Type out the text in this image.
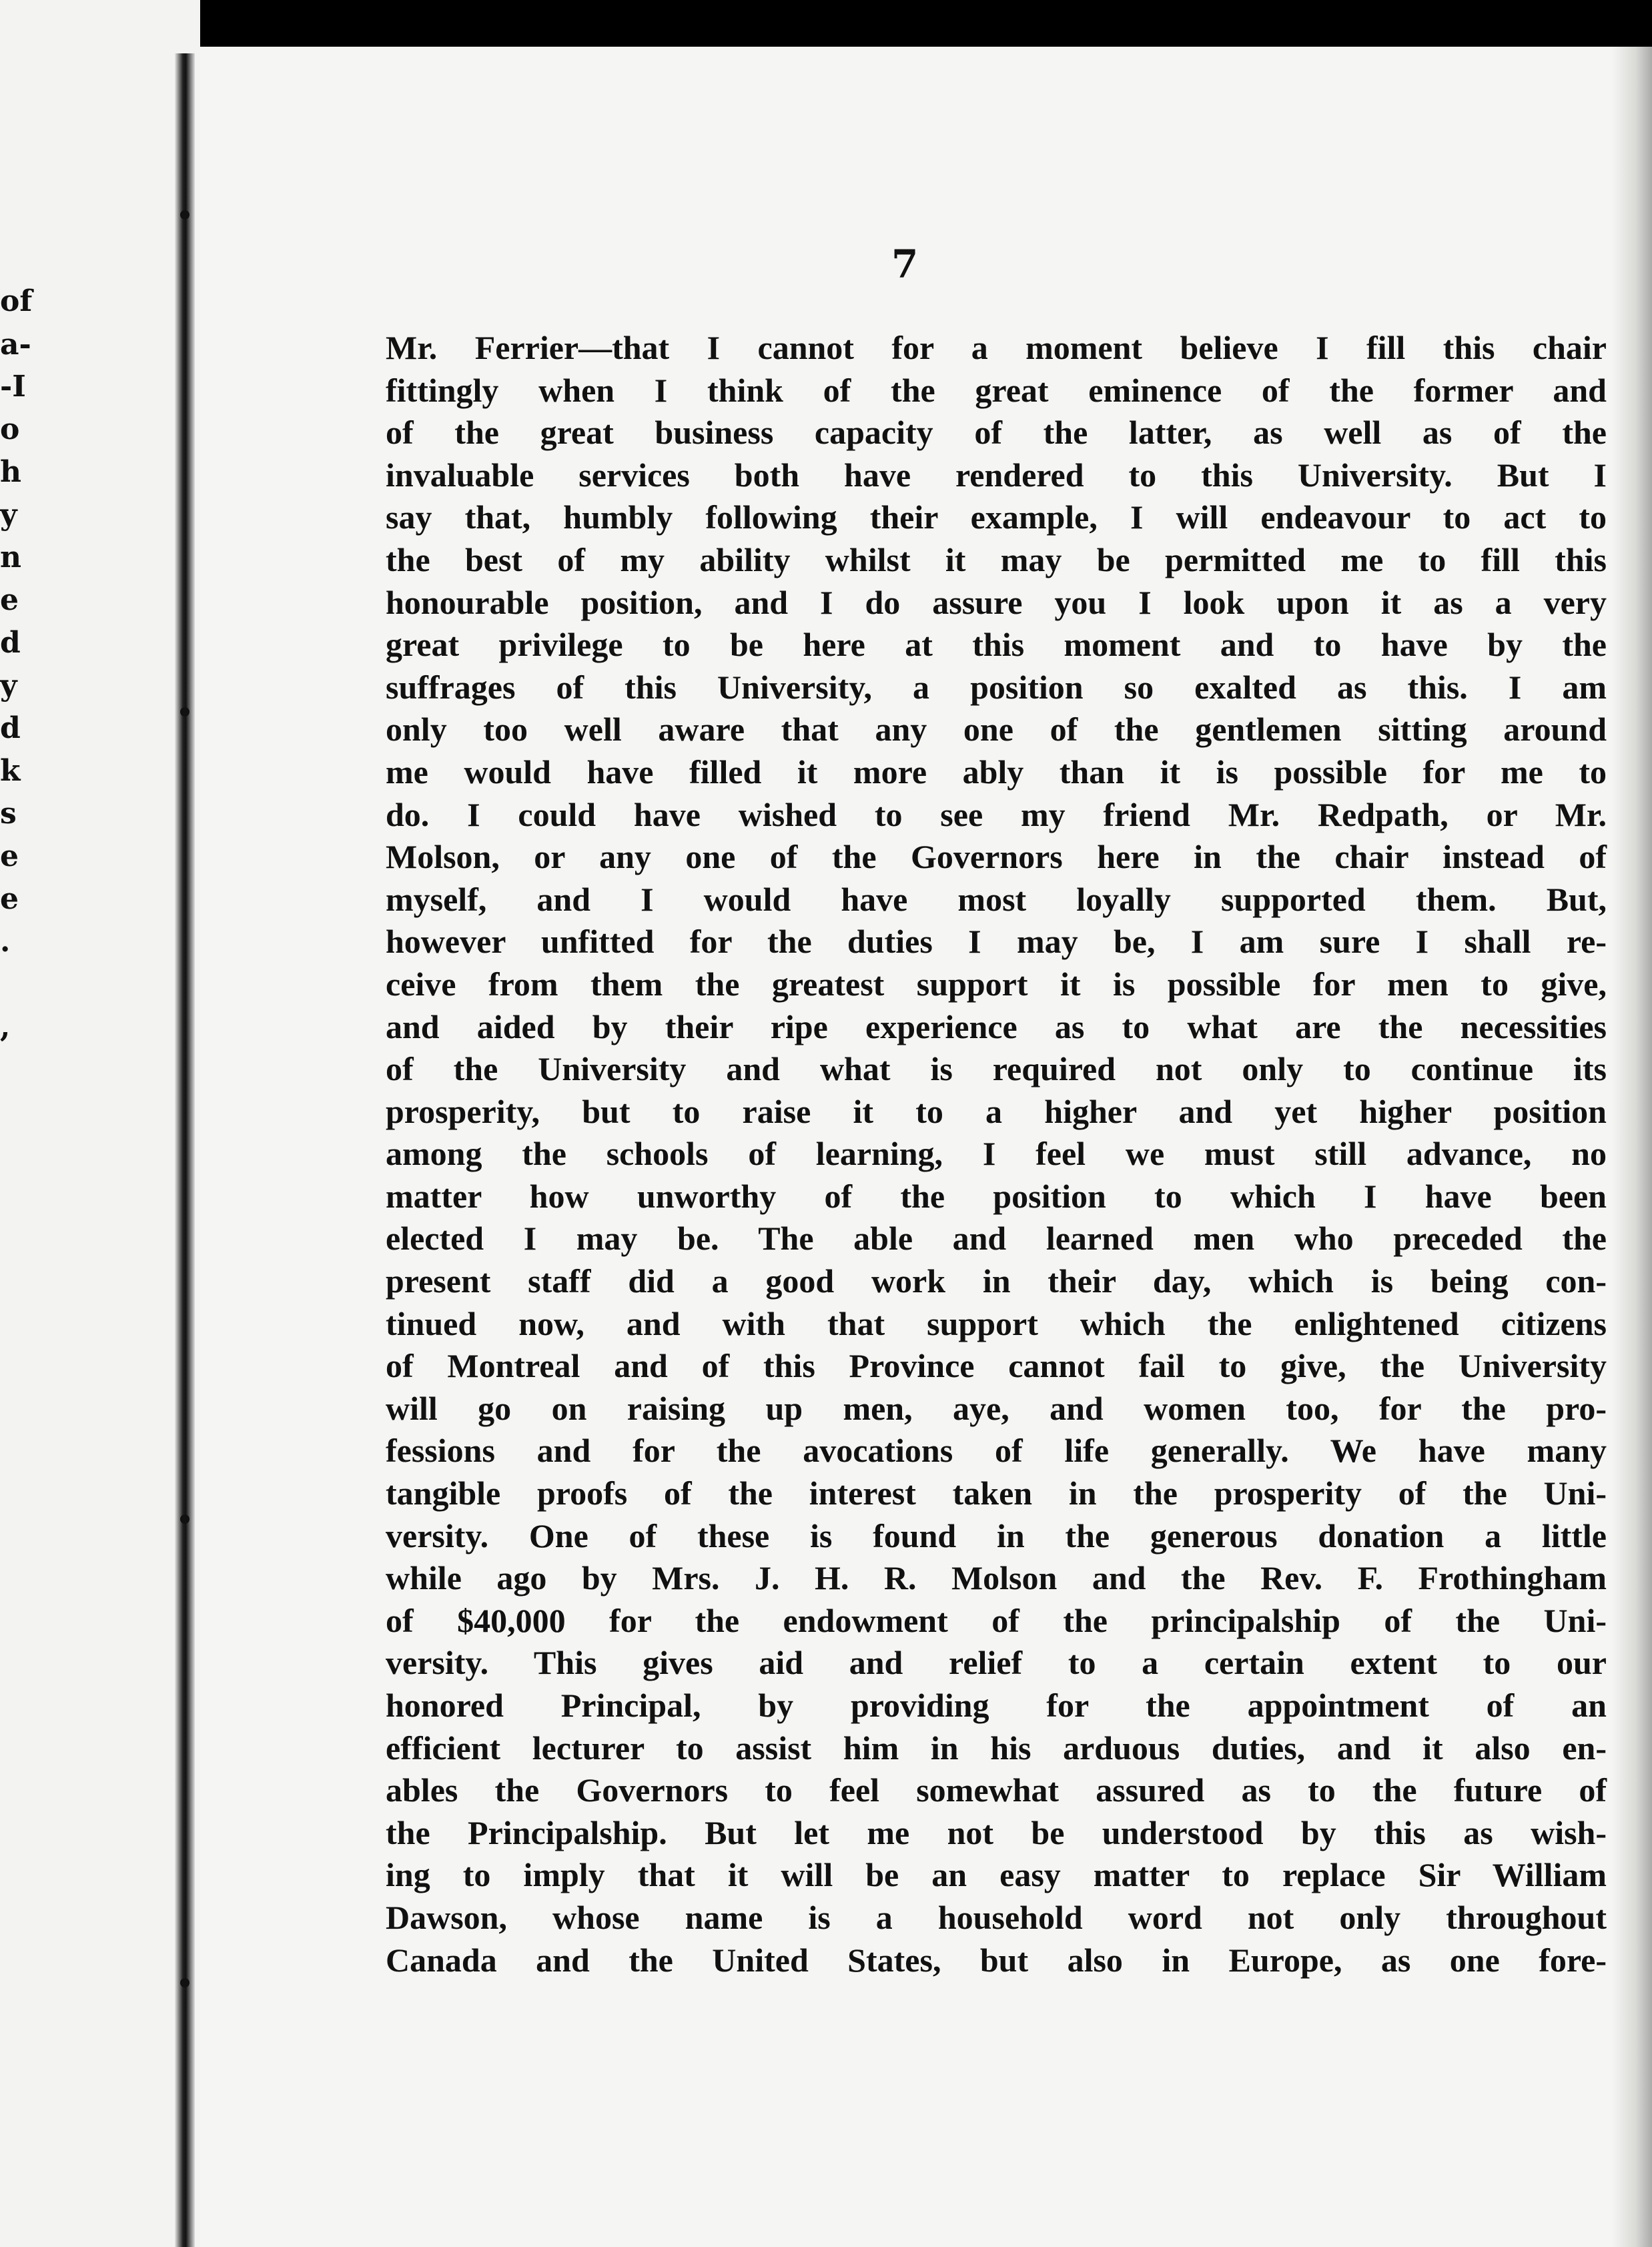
of
a-
-I
o
h
y
n
e
d
y
d
k
s
e
e
.
,
7
Mr. Ferrier—that I cannot for a moment believe I fill this chair
fittingly when I think of the great eminence of the former and
of the great business capacity of the latter, as well as of the
invaluable services both have rendered to this University. But I
say that, humbly following their example, I will endeavour to act to
the best of my ability whilst it may be permitted me to fill this
honourable position, and I do assure you I look upon it as a very
great privilege to be here at this moment and to have by the
suffrages of this University, a position so exalted as this. I am
only too well aware that any one of the gentlemen sitting around
me would have filled it more ably than it is possible for me to
do. I could have wished to see my friend Mr. Redpath, or Mr.
Molson, or any one of the Governors here in the chair instead of
myself, and I would have most loyally supported them. But,
however unfitted for the duties I may be, I am sure I shall re-
ceive from them the greatest support it is possible for men to give,
and aided by their ripe experience as to what are the necessities
of the University and what is required not only to continue its
prosperity, but to raise it to a higher and yet higher position
among the schools of learning, I feel we must still advance, no
matter how unworthy of the position to which I have been
elected I may be. The able and learned men who preceded the
present staff did a good work in their day, which is being con-
tinued now, and with that support which the enlightened citizens
of Montreal and of this Province cannot fail to give, the University
will go on raising up men, aye, and women too, for the pro-
fessions and for the avocations of life generally. We have many
tangible proofs of the interest taken in the prosperity of the Uni-
versity. One of these is found in the generous donation a little
while ago by Mrs. J. H. R. Molson and the Rev. F. Frothingham
of $40,000 for the endowment of the principalship of the Uni-
versity. This gives aid and relief to a certain extent to our
honored Principal, by providing for the appointment of an
efficient lecturer to assist him in his arduous duties, and it also en-
ables the Governors to feel somewhat assured as to the future of
the Principalship. But let me not be understood by this as wish-
ing to imply that it will be an easy matter to replace Sir William
Dawson, whose name is a household word not only throughout
Canada and the United States, but also in Europe, as one fore-
